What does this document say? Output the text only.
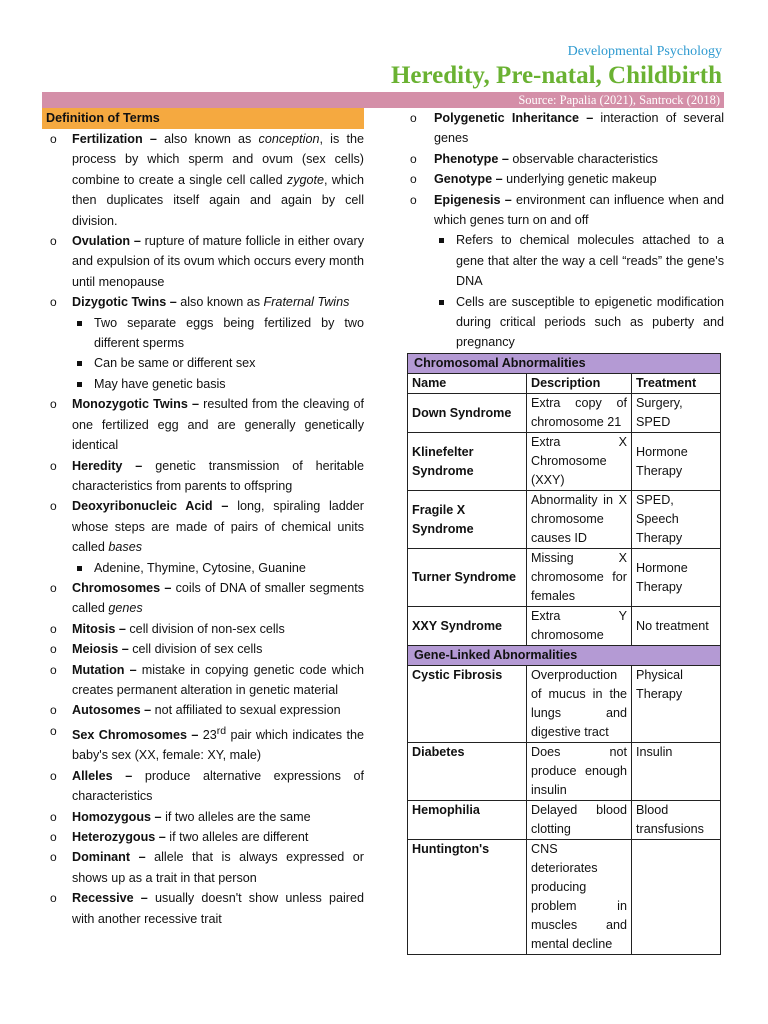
Developmental Psychology
Heredity, Pre-natal, Childbirth
Source: Papalia (2021), Santrock (2018)
Definition of Terms
o Fertilization – also known as conception, is the process by which sperm and ovum (sex cells) combine to create a single cell called zygote, which then duplicates itself again and again by cell division.
o Ovulation – rupture of mature follicle in either ovary and expulsion of its ovum which occurs every month until menopause
o Dizygotic Twins – also known as Fraternal Twins
Two separate eggs being fertilized by two different sperms
Can be same or different sex
May have genetic basis
o Monozygotic Twins – resulted from the cleaving of one fertilized egg and are generally genetically identical
o Heredity – genetic transmission of heritable characteristics from parents to offspring
o Deoxyribonucleic Acid – long, spiraling ladder whose steps are made of pairs of chemical units called bases
Adenine, Thymine, Cytosine, Guanine
o Chromosomes – coils of DNA of smaller segments called genes
o Mitosis – cell division of non-sex cells
o Meiosis – cell division of sex cells
o Mutation – mistake in copying genetic code which creates permanent alteration in genetic material
o Autosomes – not affiliated to sexual expression
o Sex Chromosomes – 23rd pair which indicates the baby's sex (XX, female: XY, male)
o Alleles – produce alternative expressions of characteristics
o Homozygous – if two alleles are the same
o Heterozygous – if two alleles are different
o Dominant – allele that is always expressed or shows up as a trait in that person
o Recessive – usually doesn't show unless paired with another recessive trait
o Polygenetic Inheritance – interaction of several genes
o Phenotype – observable characteristics
o Genotype – underlying genetic makeup
o Epigenesis – environment can influence when and which genes turn on and off
Refers to chemical molecules attached to a gene that alter the way a cell “reads” the gene's DNA
Cells are susceptible to epigenetic modification during critical periods such as puberty and pregnancy
Chromosomal Abnormalities		
Name	Description	Treatment
Down Syndrome	Extra copy of chromosome 21	Surgery, SPED
Klinefelter Syndrome	Extra X Chromosome (XXY)	Hormone Therapy
Fragile X Syndrome	Abnormality in X chromosome causes ID	SPED, Speech Therapy
Turner Syndrome	Missing X chromosome for females	Hormone Therapy
XXY Syndrome	Extra Y chromosome	No treatment
Gene-Linked Abnormalities		
Cystic Fibrosis	Overproduction of mucus in the lungs and digestive tract	Physical Therapy
Diabetes	Does not produce enough insulin	Insulin
Hemophilia	Delayed blood clotting	Blood transfusions
Huntington's	CNS deteriorates producing problem in muscles and mental decline	
